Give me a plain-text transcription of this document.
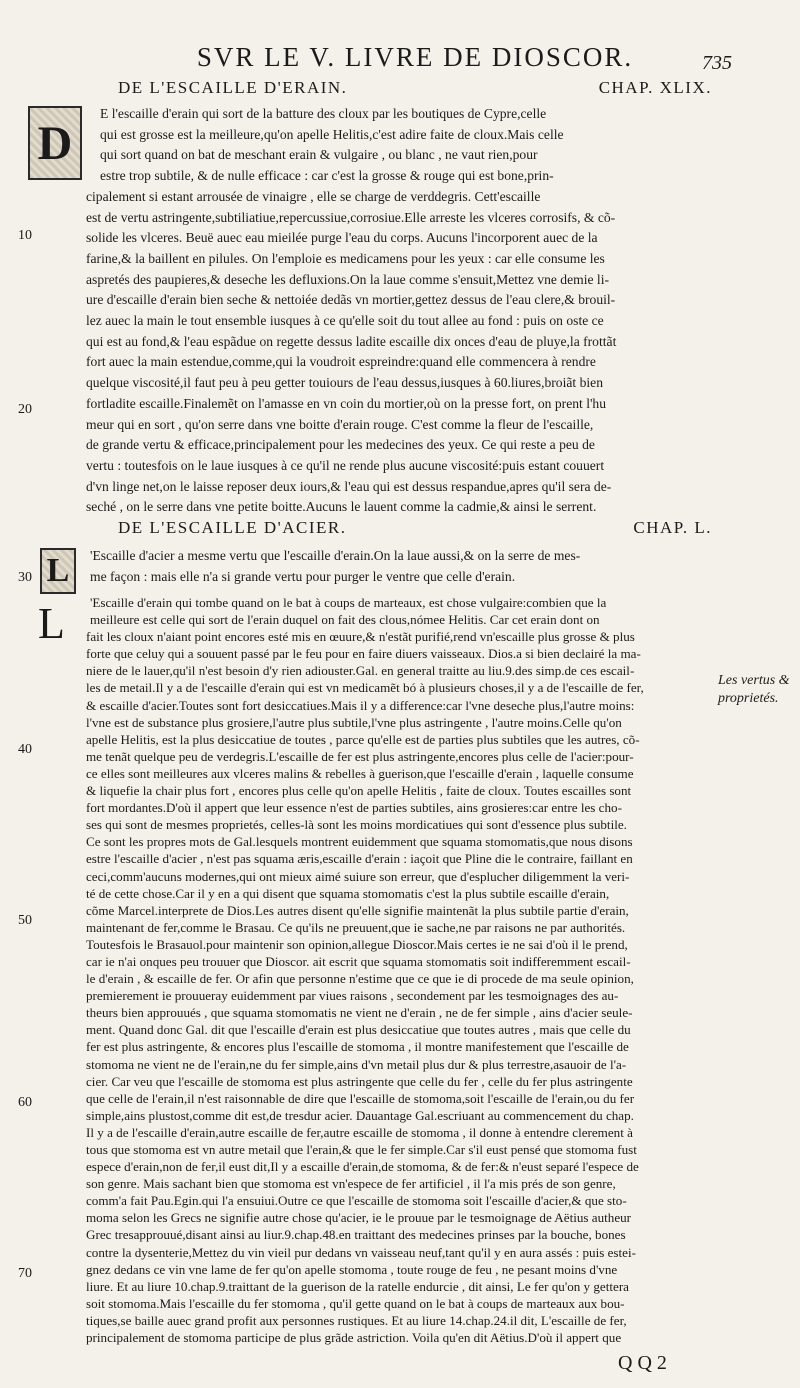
SVR LE V. LIVRE DE DIOSCOR.	735
DE L'ESCAILLE D'ERAIN.	CHAP. XLIX.
D
E l'escaille d'erain qui sort de la batture des cloux par les boutiques de Cypre,celle
qui est grosse est la meilleure,qu'on apelle Helitis,c'est adire faite de cloux.Mais celle
qui sort quand on bat de meschant erain & vulgaire , ou blanc , ne vaut rien,pour
estre trop subtile, & de nulle efficace : car c'est la grosse & rouge qui est bone,prin-
cipalement si estant arrousée de vinaigre , elle se charge de verddegris. Cett'escaille
est de vertu astringente,subtiliatiue,repercussiue,corrosiue.Elle arreste les vlceres corrosifs, & cõ-
solide les vlceres. Beuë auec eau mieilée purge l'eau du corps. Aucuns l'incorporent auec de la
farine,& la baillent en pilules. On l'emploie es medicamens pour les yeux : car elle consume les
aspretés des paupieres,& deseche les defluxions.On la laue comme s'ensuit,Mettez vne demie li-
ure d'escaille d'erain bien seche & nettoiée dedãs vn mortier,gettez dessus de l'eau clere,& brouil-
lez auec la main le tout ensemble iusques à ce qu'elle soit du tout allee au fond : puis on oste ce
qui est au fond,& l'eau espãdue on regette dessus ladite escaille dix onces d'eau de pluye,la frottãt
fort auec la main estendue,comme,qui la voudroit espreindre:quand elle commencera à rendre
quelque viscosité,il faut peu à peu getter touiours de l'eau dessus,iusques à 60.liures,broiãt bien
fortladite escaille.Finalemẽt on l'amasse en vn coin du mortier,où on la presse fort, on prent l'hu
meur qui en sort , qu'on serre dans vne boitte d'erain rouge. C'est comme la fleur de l'escaille,
de grande vertu & efficace,principalement pour les medecines des yeux. Ce qui reste a peu de
vertu : toutesfois on le laue iusques à ce qu'il ne rende plus aucune viscosité:puis estant couuert
d'vn linge net,on le laisse reposer deux iours,& l'eau qui est dessus respandue,apres qu'il sera de-
seché , on le serre dans vne petite boitte.Aucuns le lauent comme la cadmie,& ainsi le serrent.
DE L'ESCAILLE D'ACIER.	CHAP. L.
L	'Escaille d'acier a mesme vertu que l'escaille d'erain.On la laue aussi,& on la serre de mes-
me façon : mais elle n'a si grande vertu pour purger le ventre que celle d'erain.
L	'Escaille d'erain qui tombe quand on le bat à coups de marteaux, est chose vulgaire:combien que la
meilleure est celle qui sort de l'erain duquel on fait des clous,nómee Helitis. Car cet erain dont on
fait les cloux n'aiant point encores esté mis en œuure,& n'estãt purifié,rend vn'escaille plus grosse & plus
forte que celuy qui a souuent passé par le feu pour en faire diuers vaisseaux. Dios.a si bien declairé la ma-
niere de le lauer,qu'il n'est besoin d'y rien adiouster.Gal. en general traitte au liu.9.des simp.de ces escail-
les de metail.Il y a de l'escaille d'erain qui est vn medicamẽt bó à plusieurs choses,il y a de l'escaille de fer,
& escaille d'acier.Toutes sont fort desiccatiues.Mais il y a difference:car l'vne deseche plus,l'autre moins:
l'vne est de substance plus grosiere,l'autre plus subtile,l'vne plus astringente , l'autre moins.Celle qu'on
apelle Helitis, est la plus desiccatiue de toutes , parce qu'elle est de parties plus subtiles que les autres, cõ-
me tenãt quelque peu de verdegris.L'escaille de fer est plus astringente,encores plus celle de l'acier:pour-
ce elles sont meilleures aux vlceres malins & rebelles à guerison,que l'escaille d'erain , laquelle consume
& liquefie la chair plus fort , encores plus celle qu'on apelle Helitis , faite de cloux. Toutes escailles sont
fort mordantes.D'où il appert que leur essence n'est de parties subtiles, ains grosieres:car entre les cho-
ses qui sont de mesmes proprietés, celles-là sont les moins mordicatiues qui sont d'essence plus subtile.
Ce sont les propres mots de Gal.lesquels montrent euidemment que squama stomomatis,que nous disons
estre l'escaille d'acier , n'est pas squama æris,escaille d'erain : iaçoit que Pline die le contraire, faillant en
ceci,comm'aucuns modernes,qui ont mieux aimé suiure son erreur, que d'esplucher diligemment la veri-
té de cette chose.Car il y en a qui disent que squama stomomatis c'est la plus subtile escaille d'erain,
cõme Marcel.interprete de Dios.Les autres disent qu'elle signifie maintenãt la plus subtile partie d'erain,
maintenant de fer,comme le Brasau. Ce qu'ils ne preuuent,que ie sache,ne par raisons ne par authorités.
Toutesfois le Brasauol.pour maintenir son opinion,allegue Dioscor.Mais certes ie ne sai d'où il le prend,
car ie n'ai onques peu trouuer que Dioscor. ait escrit que squama stomomatis soit indifferemment escail-
le d'erain , & escaille de fer. Or afin que personne n'estime que ce que ie di procede de ma seule opinion,
premierement ie prouueray euidemment par viues raisons , secondement par les tesmoignages des au-
theurs bien approuués , que squama stomomatis ne vient ne d'erain , ne de fer simple , ains d'acier seule-
ment. Quand donc Gal. dit que l'escaille d'erain est plus desiccatiue que toutes autres , mais que celle du
fer est plus astringente, & encores plus l'escaille de stomoma , il montre manifestement que l'escaille de
stomoma ne vient ne de l'erain,ne du fer simple,ains d'vn metail plus dur & plus terrestre,asauoir de l'a-
cier. Car veu que l'escaille de stomoma est plus astringente que celle du fer , celle du fer plus astringente
que celle de l'erain,il n'est raisonnable de dire que l'escaille de stomoma,soit l'escaille de l'erain,ou du fer
simple,ains plustost,comme dit est,de tresdur acier. Dauantage Gal.escriuant au commencement du chap.
Il y a de l'escaille d'erain,autre escaille de fer,autre escaille de stomoma , il donne à entendre clerement à
tous que stomoma est vn autre metail que l'erain,& que le fer simple.Car s'il eust pensé que stomoma fust
espece d'erain,non de fer,il eust dit,Il y a escaille d'erain,de stomoma, & de fer:& n'eust separé l'espece de
son genre. Mais sachant bien que stomoma est vn'espece de fer artificiel , il l'a mis prés de son genre,
comm'a fait Pau.Egin.qui l'a ensuiui.Outre ce que l'escaille de stomoma soit l'escaille d'acier,& que sto-
moma selon les Grecs ne signifie autre chose qu'acier, ie le prouue par le tesmoignage de Aëtius autheur
Grec tresapprouué,disant ainsi au liur.9.chap.48.en traittant des medecines prinses par la bouche, bones
contre la dysenterie,Mettez du vin vieil pur dedans vn vaisseau neuf,tant qu'il y en aura assés : puis estei-
gnez dedans ce vin vne lame de fer qu'on apelle stomoma , toute rouge de feu , ne pesant moins d'vne
liure. Et au liure 10.chap.9.traittant de la guerison de la ratelle endurcie , dit ainsi, Le fer qu'on y gettera
soit stomoma.Mais l'escaille du fer stomoma , qu'il gette quand on le bat à coups de marteaux aux bou-
tiques,se baille auec grand profit aux personnes rustiques. Et au liure 14.chap.24.il dit, L'escaille de fer,
principalement de stomoma participe de plus grãde astriction. Voila qu'en dit Aëtius.D'où il appert que
Les vertus & proprietés.
10
20
30
40
50
60
70
Q Q 2
